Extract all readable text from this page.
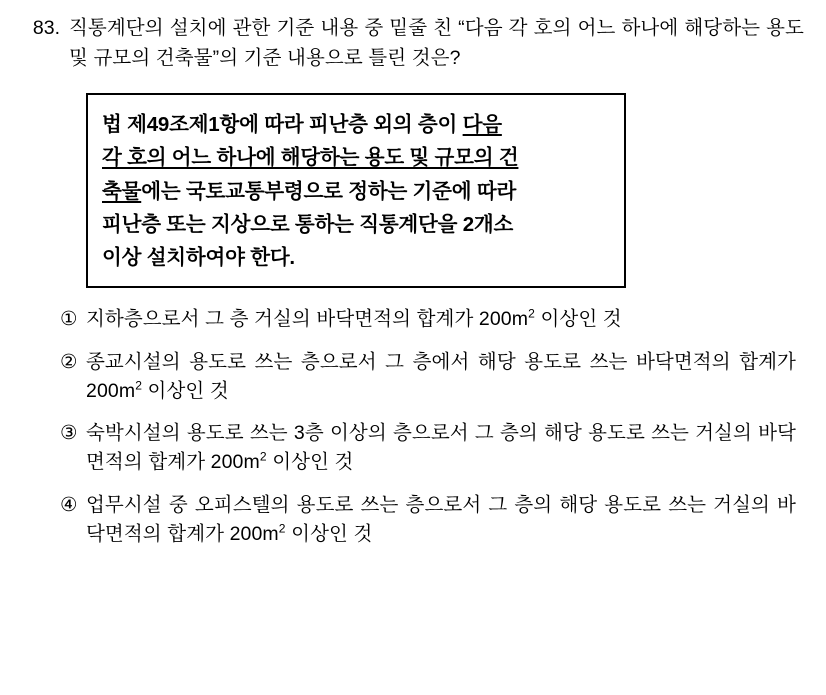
83. 직통계단의 설치에 관한 기준 내용 중 밑줄 친 “다음 각 호의 어느 하나에 해당하는 용도 및 규모의 건축물”의 기준 내용으로 틀린 것은?
법 제49조제1항에 따라 피난층 외의 층이 다음
각 호의 어느 하나에 해당하는 용도 및 규모의 건
축물에는 국토교통부령으로 정하는 기준에 따라
피난층 또는 지상으로 통하는 직통계단을 2개소
이상 설치하여야 한다.
① 지하층으로서 그 층 거실의 바닥면적의 합계가 $200m^2$ 이상인 것
② 종교시설의 용도로 쓰는 층으로서 그 층에서 해당 용도로 쓰는 바닥면적의 합계가 $200m^2$ 이상인 것
③ 숙박시설의 용도로 쓰는 3층 이상의 층으로서 그 층의 해당 용도로 쓰는 거실의 바닥면적의 합계가 $200m^2$ 이상인 것
④ 업무시설 중 오피스텔의 용도로 쓰는 층으로서 그 층의 해당 용도로 쓰는 거실의 바닥면적의 합계가 $200m^2$ 이상인 것
